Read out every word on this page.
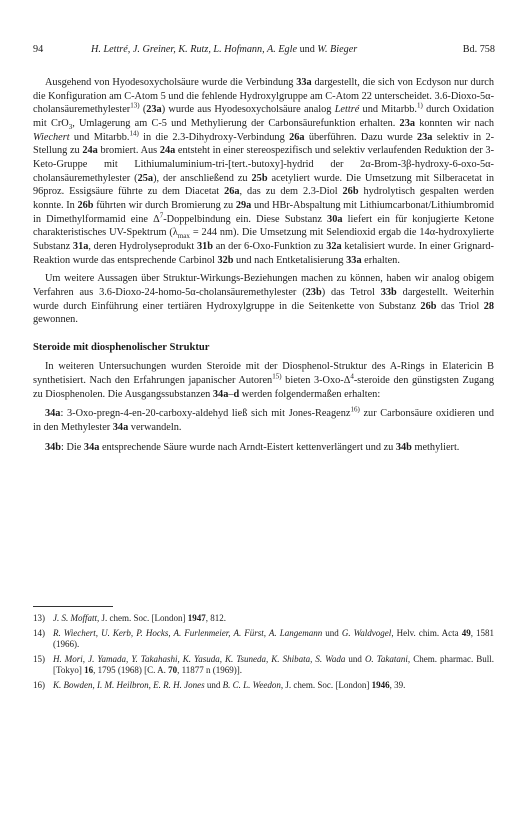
94	H. Lettré, J. Greiner, K. Rutz, L. Hofmann, A. Egle und W. Bieger	Bd. 758

Ausgehend von Hyodesoxycholsäure wurde die Verbindung 33a dargestellt, die sich von Ecdyson nur durch die Konfiguration am C-Atom 5 und die fehlende Hydroxylgruppe am C-Atom 22 unterscheidet. 3.6-Dioxo-5α-cholansäuremethylester$^{13)}$ (23a) wurde aus Hyodesoxycholsäure analog Lettré und Mitarbb.$^{1)}$ durch Oxidation mit CrO$_3$, Umlagerung am C-5 und Methylierung der Carbonsäurefunktion erhalten. 23a konnten wir nach Wiechert und Mitarbb.$^{14)}$ in die 2.3-Dihydroxy-Verbindung 26a überführen. Dazu wurde 23a selektiv in 2-Stellung zu 24a bromiert. Aus 24a entsteht in einer stereospezifisch und selektiv verlaufenden Reduktion der 3-Keto-Gruppe mit Lithiumaluminium-tri-[tert.-butoxy]-hydrid der 2α-Brom-3β-hydroxy-6-oxo-5α-cholansäuremethylester (25a), der anschließend zu 25b acetyliert wurde. Die Umsetzung mit Silberacetat in 96proz. Essigsäure führte zu dem Diacetat 26a, das zu dem 2.3-Diol 26b hydrolytisch gespalten werden konnte. In 26b führten wir durch Bromierung zu 29a und HBr-Abspaltung mit Lithiumcarbonat/Lithiumbromid in Dimethylformamid eine $\Delta^7$-Doppelbindung ein. Diese Substanz 30a liefert ein für konjugierte Ketone charakteristisches UV-Spektrum ($\lambda_{max} = 244$ nm). Die Umsetzung mit Selendioxid ergab die 14α-hydroxylierte Substanz 31a, deren Hydrolyseprodukt 31b an der 6-Oxo-Funktion zu 32a ketalisiert wurde. In einer Grignard-Reaktion wurde das entsprechende Carbinol 32b und nach Entketalisierung 33a erhalten.

Um weitere Aussagen über Struktur-Wirkungs-Beziehungen machen zu können, haben wir analog obigem Verfahren aus 3.6-Dioxo-24-homo-5α-cholansäuremethylester (23b) das Tetrol 33b dargestellt. Weiterhin wurde durch Einführung einer tertiären Hydroxylgruppe in die Seitenkette von Substanz 26b das Triol 28 gewonnen.

Steroide mit diosphenolischer Struktur

In weiteren Untersuchungen wurden Steroide mit der Diosphenol-Struktur des A-Rings in Elatericin B synthetisiert. Nach den Erfahrungen japanischer Autoren$^{15)}$ bieten $3-Oxo-\Delta^4$-steroide den günstigsten Zugang zu Diosphenolen. Die Ausgangssubstanzen 34a–d werden folgendermaßen erhalten:

34a: 3-Oxo-pregn-4-en-20-carboxy-aldehyd ließ sich mit Jones-Reagenz$^{16)}$ zur Carbonsäure oxidieren und in den Methylester 34a verwandeln.

34b: Die 34a entsprechende Säure wurde nach Arndt-Eistert kettenverlängert und zu 34b methyliert.

13) J. S. Moffatt, J. chem. Soc. [London] 1947, 812.
14) R. Wiechert, U. Kerb, P. Hocks, A. Furlenmeier, A. Fürst, A. Langemann und G. Waldvogel, Helv. chim. Acta 49, 1581 (1966).
15) H. Mori, J. Yamada, Y. Takahashi, K. Yasuda, K. Tsuneda, K. Shibata, S. Wada und O. Takatani, Chem. pharmac. Bull. [Tokyo] 16, 1795 (1968) [C. A. 70, 11877 n (1969)].
16) K. Bowden, I. M. Heilbron, E. R. H. Jones und B. C. L. Weedon, J. chem. Soc. [London] 1946, 39.
